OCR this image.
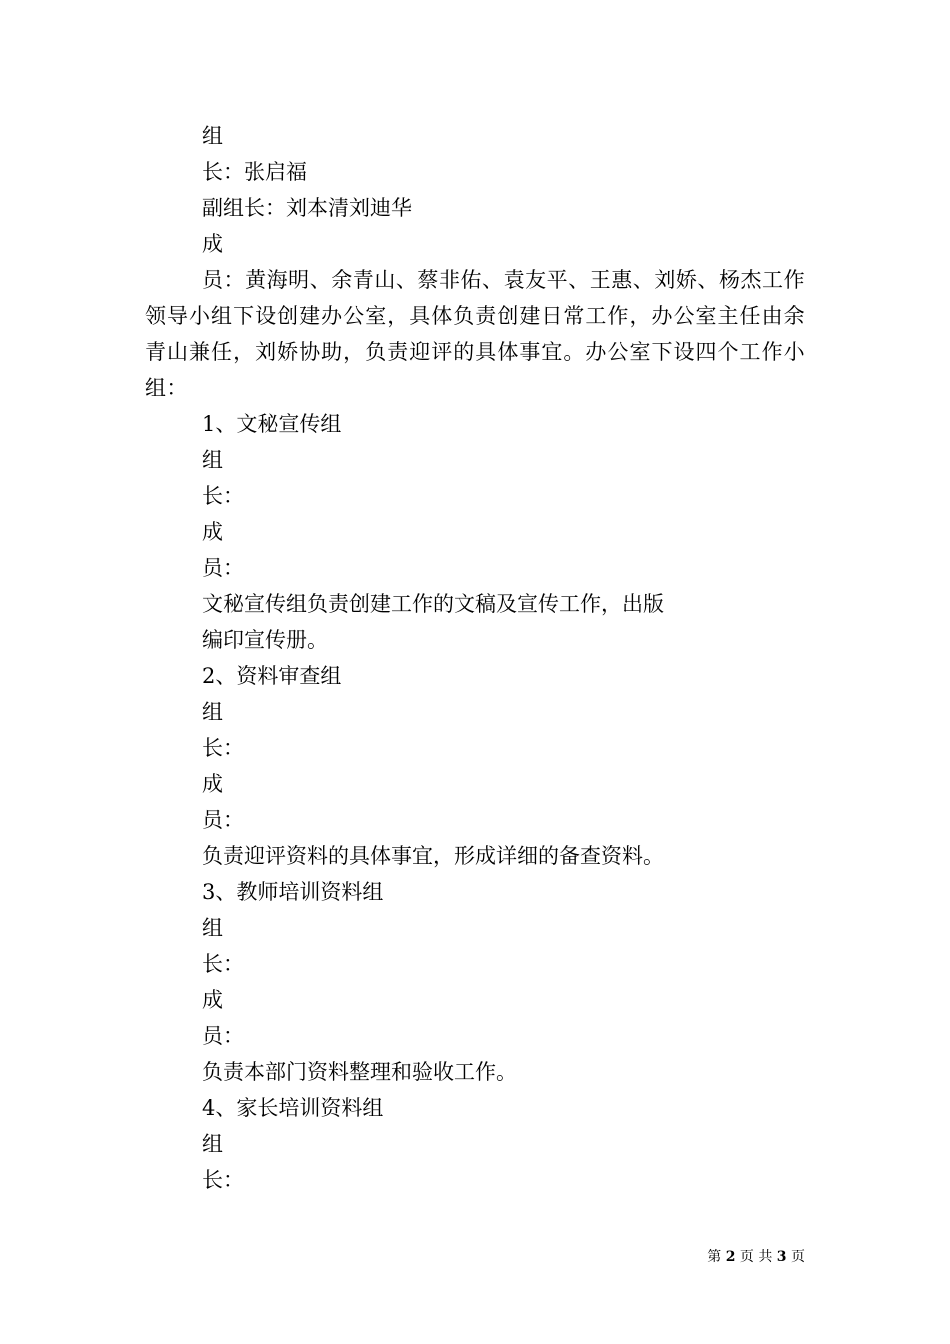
组
长：张启福
副组长：刘本清刘迪华
成
员：黄海明、余青山、蔡非佑、袁友平、王惠、刘娇、杨杰工作领导小组下设创建办公室，具体负责创建日常工作，办公室主任由余青山兼任，刘娇协助，负责迎评的具体事宜。办公室下设四个工作小组：
1、文秘宣传组
组
长：
成
员：
文秘宣传组负责创建工作的文稿及宣传工作，出版
编印宣传册。
2、资料审查组
组
长：
成
员：
负责迎评资料的具体事宜，形成详细的备查资料。
3、教师培训资料组
组
长：
成
员：
负责本部门资料整理和验收工作。
4、家长培训资料组
组
长：
第 2 页 共 3 页
